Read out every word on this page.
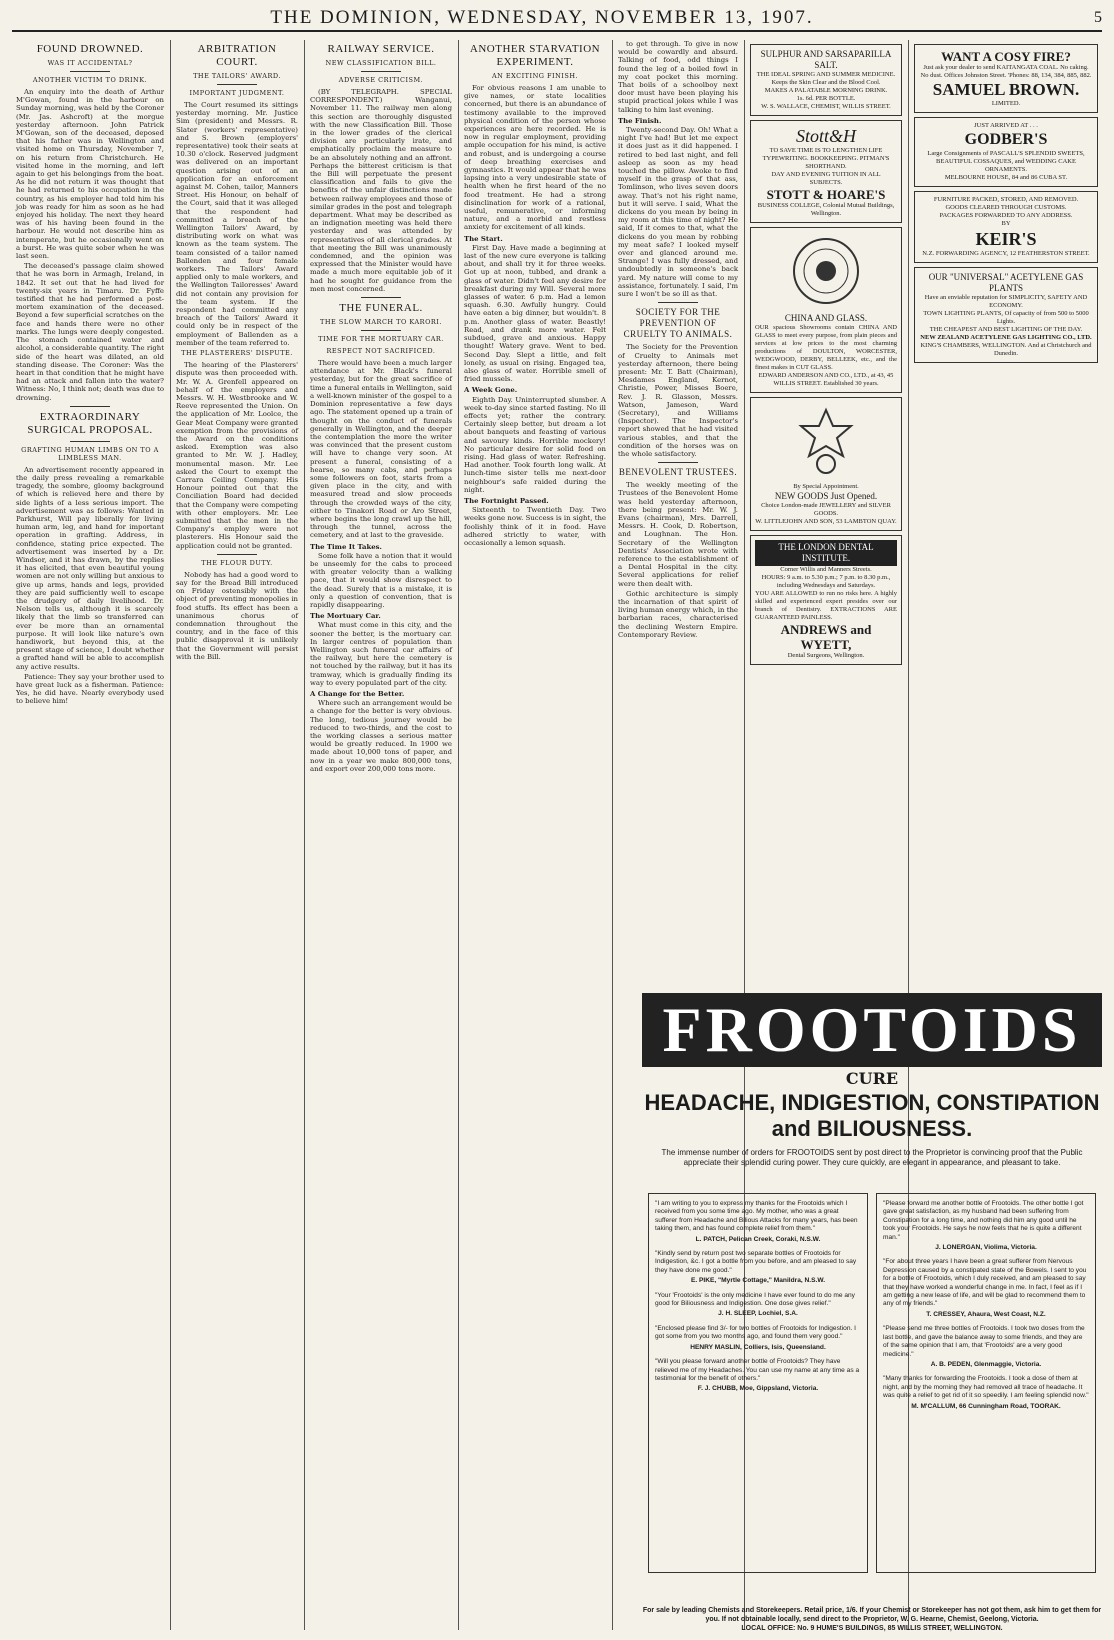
THE DOMINION, WEDNESDAY, NOVEMBER 13, 1907.	5
FOUND DROWNED.
WAS IT ACCIDENTAL?
ANOTHER VICTIM TO DRINK.

An enquiry into the death of Arthur M'Gowan, found in the harbour on Sunday morning, was held by the Coroner (Mr. Jas. Ashcroft) at the morgue yesterday afternoon. John Patrick M'Gowan, son of the deceased, deposed that his father was in Wellington and visited home on Thursday, November 7, on his return from Christchurch. He visited home in the morning, and left again to get his belongings from the boat. As he did not return it was thought that he had returned to his occupation in the country, as his employer had told him his job was ready for him as soon as he had enjoyed his holiday. The next they heard was of his having been found in the harbour. He would not describe him as intemperate, but he occasionally went on a burst. He was quite sober when he was last seen.

The deceased's passage claim showed that he was born in Armagh, Ireland, in 1842. It set out that he had lived for twenty-six years in Timaru. Dr. Fyffe testified that he had performed a post-mortem examination of the deceased. Beyond a few superficial scratches on the face and hands there were no other marks. The lungs were deeply congested. The stomach contained water and alcohol, a considerable quantity. The right side of the heart was dilated, an old standing disease. The Coroner: Was the heart in that condition that he might have had an attack and fallen into the water? Witness: No, I think not; death was due to drowning.

EXTRAORDINARY SURGICAL PROPOSAL.
GRAFTING HUMAN LIMBS ON TO A LIMBLESS MAN.

An advertisement recently appeared in the daily press revealing a remarkable tragedy, the sombre, gloomy background of which is relieved here and there by side lights of a less serious import. The advertisement was as follows: Wanted in Parkhurst, Will pay liberally for living human arm, leg, and hand for important operation in grafting. Address, in confidence, stating price expected. The advertisement was inserted by a Dr. Windsor, and it has drawn, by the replies it has elicited, that even beautiful young women are not only willing but anxious to give up arms, hands and legs, provided they are paid sufficiently well to escape the drudgery of daily livelihood. Dr. Nelson tells us, although it is scarcely likely that the limb so transferred can ever be more than an ornamental purpose. It will look like nature's own handiwork, but beyond this, at the present stage of science, I doubt whether a grafted hand will be able to accomplish any active results.

Patience: They say your brother used to have great luck as a fisherman. Patience: Yes, he did have. Nearly everybody used to believe him!

ARBITRATION COURT.
THE TAILORS' AWARD.
IMPORTANT JUDGMENT.

The Court resumed its sittings yesterday morning. Mr. Justice Sim (president) and Messrs. R. Slater (workers' representative) and S. Brown (employers' representative) took their seats at 10.30 o'clock. Reserved judgment was delivered on an important question arising out of an application for an enforcement against M. Cohen, tailor, Manners Street. His Honour, on behalf of the Court, said that it was alleged that the respondent had committed a breach of the Wellington Tailors' Award, by distributing work on what was known as the team system. The team consisted of a tailor named Ballenden and four female workers. The Tailors' Award applied only to male workers, and the Wellington Tailoresses' Award did not contain any provision for the team system. If the respondent had committed any breach of the Tailors' Award it could only be in respect of the employment of Ballenden as a member of the team referred to.

THE PLASTERERS' DISPUTE.

The hearing of the Plasterers' dispute was then proceeded with. Mr. W. A. Grenfell appeared on behalf of the employers and Messrs. W. H. Westbrooke and W. Reeve represented the Union. On the application of Mr. Loolce, the Gear Meat Company were granted exemption from the provisions of the Award on the conditions asked. Exemption was also granted to Mr. W. J. Hadley, monumental mason. Mr. Lee asked the Court to exempt the Carrara Ceiling Company. His Honour pointed out that the Conciliation Board had decided that the Company were competing with other employers. Mr. Lee submitted that the men in the Company's employ were not plasterers. His Honour said the application could not be granted.

THE FLOUR DUTY.

Nobody has had a good word to say for the Bread Bill introduced on Friday ostensibly with the object of preventing monopolies in food stuffs. Its effect has been a unanimous chorus of condemnation throughout the country, and in the face of this public disapproval it is unlikely that the Government will persist with the Bill.

RAILWAY SERVICE.
NEW CLASSIFICATION BILL.
ADVERSE CRITICISM.

(BY TELEGRAPH. SPECIAL CORRESPONDENT.) Wanganui, November 11. The railway men along this section are thoroughly disgusted with the new Classification Bill. Those in the lower grades of the clerical division are particularly irate, and emphatically proclaim the measure to be an absolutely nothing and an affront. Perhaps the bitterest criticism is that the Bill will perpetuate the present classification and fails to give the benefits of the unfair distinctions made between railway employees and those of similar grades in the post and telegraph department. What may be described as an indignation meeting was held there yesterday and was attended by representatives of all clerical grades. At that meeting the Bill was unanimously condemned, and the opinion was expressed that the Minister would have made a much more equitable job of it had he sought for guidance from the men most concerned.

THE FUNERAL.
THE SLOW MARCH TO KARORI.
TIME FOR THE MORTUARY CAR.
RESPECT NOT SACRIFICED.

There would have been a much larger attendance at Mr. Black's funeral yesterday, but for the great sacrifice of time a funeral entails in Wellington, said a well-known minister of the gospel to a Dominion representative a few days ago. The statement opened up a train of thought on the conduct of funerals generally in Wellington, and the deeper the contemplation the more the writer was convinced that the present custom will have to change very soon. At present a funeral, consisting of a hearse, so many cabs, and perhaps some followers on foot, starts from a given place in the city, and with measured tread and slow proceeds through the crowded ways of the city, either to Tinakori Road or Aro Street, where begins the long crawl up the hill, through the tunnel, across the cemetery, and at last to the graveside.

The Time It Takes.

Some folk have a notion that it would be unseemly for the cabs to proceed with greater velocity than a walking pace, that it would show disrespect to the dead. Surely that is a mistake, it is only a question of convention, that is rapidly disappearing.

The Mortuary Car.

What must come in this city, and the sooner the better, is the mortuary car. In larger centres of population than Wellington such funeral car affairs of the railway, but here the cemetery is not touched by the railway, but it has its tramway, which is gradually finding its way to every populated part of the city.

A Change for the Better.

Where such an arrangement would be a change for the better is very obvious. The long, tedious journey would be reduced to two-thirds, and the cost to the working classes a serious matter would be greatly reduced. In 1900 we made about 10,000 tons of paper, and now in a year we make 800,000 tons, and export over 200,000 tons more.

ANOTHER STARVATION EXPERIMENT.
AN EXCITING FINISH.

For obvious reasons I am unable to give names, or state localities concerned, but there is an abundance of testimony available to the improved physical condition of the person whose experiences are here recorded. He is now in regular employment, providing ample occupation for his mind, is active and robust, and is undergoing a course of deep breathing exercises and gymnastics. It would appear that he was lapsing into a very undesirable state of health when he first heard of the no food treatment. He had a strong disinclination for work of a rational, useful, remunerative, or informing nature, and a morbid and restless anxiety for excitement of all kinds.

The Start.

First Day. Have made a beginning at last of the new cure everyone is talking about, and shall try it for three weeks. Got up at noon, tubbed, and drank a glass of water. Didn't feel any desire for breakfast during my Will. Several more glasses of water. 6 p.m. Had a lemon squash. 6.30. Awfully hungry. Could have eaten a big dinner, but wouldn't. 8 p.m. Another glass of water. Beastly! Read, and drank more water. Felt subdued, grave and anxious. Happy thought! Watery grave. Went to bed. Second Day. Slept a little, and felt lonely, as usual on rising. Engaged tea, also glass of water. Horrible smell of fried mussels.

A Week Gone.

Eighth Day. Uninterrupted slumber. A week to-day since started fasting. No ill effects yet; rather the contrary. Certainly sleep better, but dream a lot about banquets and feasting of various and savoury kinds. Horrible mockery! No particular desire for solid food on rising. Had glass of water. Refreshing. Had another. Took fourth long walk. At lunch-time sister tells me next-door neighbour's safe raided during the night.

The Fortnight Passed.

Sixteenth to Twentieth Day. Two weeks gone now. Success is in sight, the foolishly think of it in food. Have adhered strictly to water, with occasionally a lemon squash.

to get through. To give in now would be cowardly and absurd. Talking of food, odd things I found the leg of a boiled fowl in my coat pocket this morning. That boils of a schoolboy next door must have been playing his stupid practical jokes while I was talking to him last evening.

The Finish.

Twenty-second Day. Oh! What a night I've had! But let me expect it does just as it did happened. I retired to bed last night, and fell asleep as soon as my head touched the pillow. Awoke to find myself in the grasp of that ass, Tomlinson, who lives seven doors away. That's not his right name, but it will serve. I said, What the dickens do you mean by being in my room at this time of night? He said, If it comes to that, what the dickens do you mean by robbing my meat safe? I looked myself over and glanced around me. Strange! I was fully dressed, and undoubtedly in someone's back yard. My nature will come to my assistance, fortunately. I said, I'm sure I won't be so ill as that.

SOCIETY FOR THE PREVENTION OF CRUELTY TO ANIMALS.

The Society for the Prevention of Cruelty to Animals met yesterday afternoon, there being present: Mr. T. Batt (Chairman), Mesdames England, Kernot, Christie, Power, Misses Boere, Rev. J. R. Glasson, Messrs. Watson, Jameson, Ward (Secretary), and Williams (Inspector). The Inspector's report showed that he had visited various stables, and that the condition of the horses was on the whole satisfactory.

BENEVOLENT TRUSTEES.

The weekly meeting of the Trustees of the Benevolent Home was held yesterday afternoon, there being present: Mr. W. J. Evans (chairman), Mrs. Darrell, Messrs. H. Cook, D. Robertson, and Loughnan. The Hon. Secretary of the Wellington Dentists' Association wrote with reference to the establishment of a Dental Hospital in the city. Several applications for relief were then dealt with.

Gothic architecture is simply the incarnation of that spirit of living human energy which, in the barbarian races, characterised the declining Western Empire. Contemporary Review.

SULPHUR AND SARSAPARILLA SALT.
THE IDEAL SPRING AND SUMMER MEDICINE.
Keeps the Skin Clear and the Blood Cool.
MAKES A PALATABLE MORNING DRINK.
1s. 6d. PER BOTTLE.
W. S. WALLACE, CHEMIST, WILLIS STREET.
Stott&H
TO SAVE TIME IS TO LENGTHEN LIFE
TYPEWRITING. BOOKKEEPING. PITMAN'S SHORTHAND.
DAY AND EVENING TUITION IN ALL SUBJECTS.
STOTT & HOARE'S
BUSINESS COLLEGE, Colonial Mutual Buildings, Wellington.
CHINA AND GLASS.
OUR spacious Showrooms contain CHINA AND GLASS to meet every purpose, from plain pieces and services at low prices to the most charming productions of DOULTON, WORCESTER, WEDGWOOD, DERBY, BELLEEK, etc., and the finest makes in CUT GLASS.
EDWARD ANDERSON AND CO., LTD., at 43, 45 WILLIS STREET. Established 30 years.
By Special Appointment.
NEW GOODS Just Opened.
Choice London-made JEWELLERY and SILVER GOODS.
W. LITTLEJOHN AND SON, 53 LAMBTON QUAY.
THE LONDON DENTAL INSTITUTE.
Corner Willis and Manners Streets.
HOURS: 9 a.m. to 5.30 p.m.; 7 p.m. to 8.30 p.m., including Wednesdays and Saturdays.
YOU ARE ALLOWED to run no risks here. A highly skilled and experienced expert presides over our branch of Dentistry. EXTRACTIONS ARE GUARANTEED PAINLESS.
ANDREWS and WYETT,
Dental Surgeons, Wellington.
WANT A COSY FIRE?
Just ask your dealer to send KAITANGATA COAL. No caking. No dust. Offices Johnston Street. 'Phones: 88, 134, 384, 885, 882.
SAMUEL BROWN.
LIMITED.
JUST ARRIVED AT . . .
GODBER'S
Large Consignments of PASCALL'S SPLENDID SWEETS, BEAUTIFUL COSSAQUES, and WEDDING CAKE ORNAMENTS.
MELBOURNE HOUSE, 84 and 86 CUBA ST.
FURNITURE PACKED, STORED, AND REMOVED.
GOODS CLEARED THROUGH CUSTOMS.
PACKAGES FORWARDED TO ANY ADDRESS.
BY
KEIR'S
N.Z. FORWARDING AGENCY, 12 FEATHERSTON STREET.
OUR "UNIVERSAL" ACETYLENE GAS PLANTS
Have an enviable reputation for SIMPLICITY, SAFETY AND ECONOMY.
TOWN LIGHTING PLANTS, Of capacity of from 500 to 5000 Lights.
THE CHEAPEST AND BEST LIGHTING OF THE DAY.
NEW ZEALAND ACETYLENE GAS LIGHTING CO., LTD.
KING'S CHAMBERS, WELLINGTON. And at Christchurch and Dunedin.
FROOTOIDS
CURE
HEADACHE, INDIGESTION, CONSTIPATION
and BILIOUSNESS.
The immense number of orders for FROOTOIDS sent by post direct to the Proprietor is convincing proof that the Public appreciate their splendid curing power. They cure quickly, are elegant in appearance, and pleasant to take.
"I am writing to you to express my thanks for the Frootoids which I received from you some time ago. My mother, who was a great sufferer from Headache and Bilious Attacks for many years, has been taking them, and has found complete relief from them."
L. PATCH, Pelican Creek, Coraki, N.S.W.
"Kindly send by return post two separate bottles of Frootoids for Indigestion, &c. I got a bottle from you before, and am pleased to say they have done me good."
E. PIKE, "Myrtle Cottage," Manildra, N.S.W.
"Your 'Frootoids' is the only medicine I have ever found to do me any good for Biliousness and Indigestion. One dose gives relief."
J. H. SLEEP, Lochiel, S.A.
"Enclosed please find 3/- for two bottles of Frootoids for Indigestion. I got some from you two months ago, and found them very good."
HENRY MASLIN, Colliers, Isis, Queensland.
"Will you please forward another bottle of Frootoids? They have relieved me of my Headaches. You can use my name at any time as a testimonial for the benefit of others."
F. J. CHUBB, Moe, Gippsland, Victoria.
"Please forward me another bottle of Frootoids. The other bottle I got gave great satisfaction, as my husband had been suffering from Constipation for a long time, and nothing did him any good until he took your Frootoids. He says he now feels that he is quite a different man."
J. LONERGAN, Violima, Victoria.
"For about three years I have been a great sufferer from Nervous Depression caused by a constipated state of the Bowels. I sent to you for a bottle of Frootoids, which I duly received, and am pleased to say that they have worked a wonderful change in me. In fact, I feel as if I am getting a new lease of life, and will be glad to recommend them to any of my friends."
T. CRESSEY, Ahaura, West Coast, N.Z.
"Please send me three bottles of Frootoids. I took two doses from the last bottle, and gave the balance away to some friends, and they are of the same opinion that I am, that 'Frootoids' are a very good medicine."
A. B. PEDEN, Glenmaggie, Victoria.
"Many thanks for forwarding the Frootoids. I took a dose of them at night, and by the morning they had removed all trace of headache. It was quite a relief to get rid of it so speedily. I am feeling splendid now."
M. M'CALLUM, 66 Cunningham Road, TOORAK.
For sale by leading Chemists and Storekeepers. Retail price, 1/6. If your Chemist or Storekeeper has not got them, ask him to get them for you. If not obtainable locally, send direct to the Proprietor, W. G. Hearne, Chemist, Geelong, Victoria.
LOCAL OFFICE: No. 9 HUME'S BUILDINGS, 85 WILLIS STREET, WELLINGTON.
